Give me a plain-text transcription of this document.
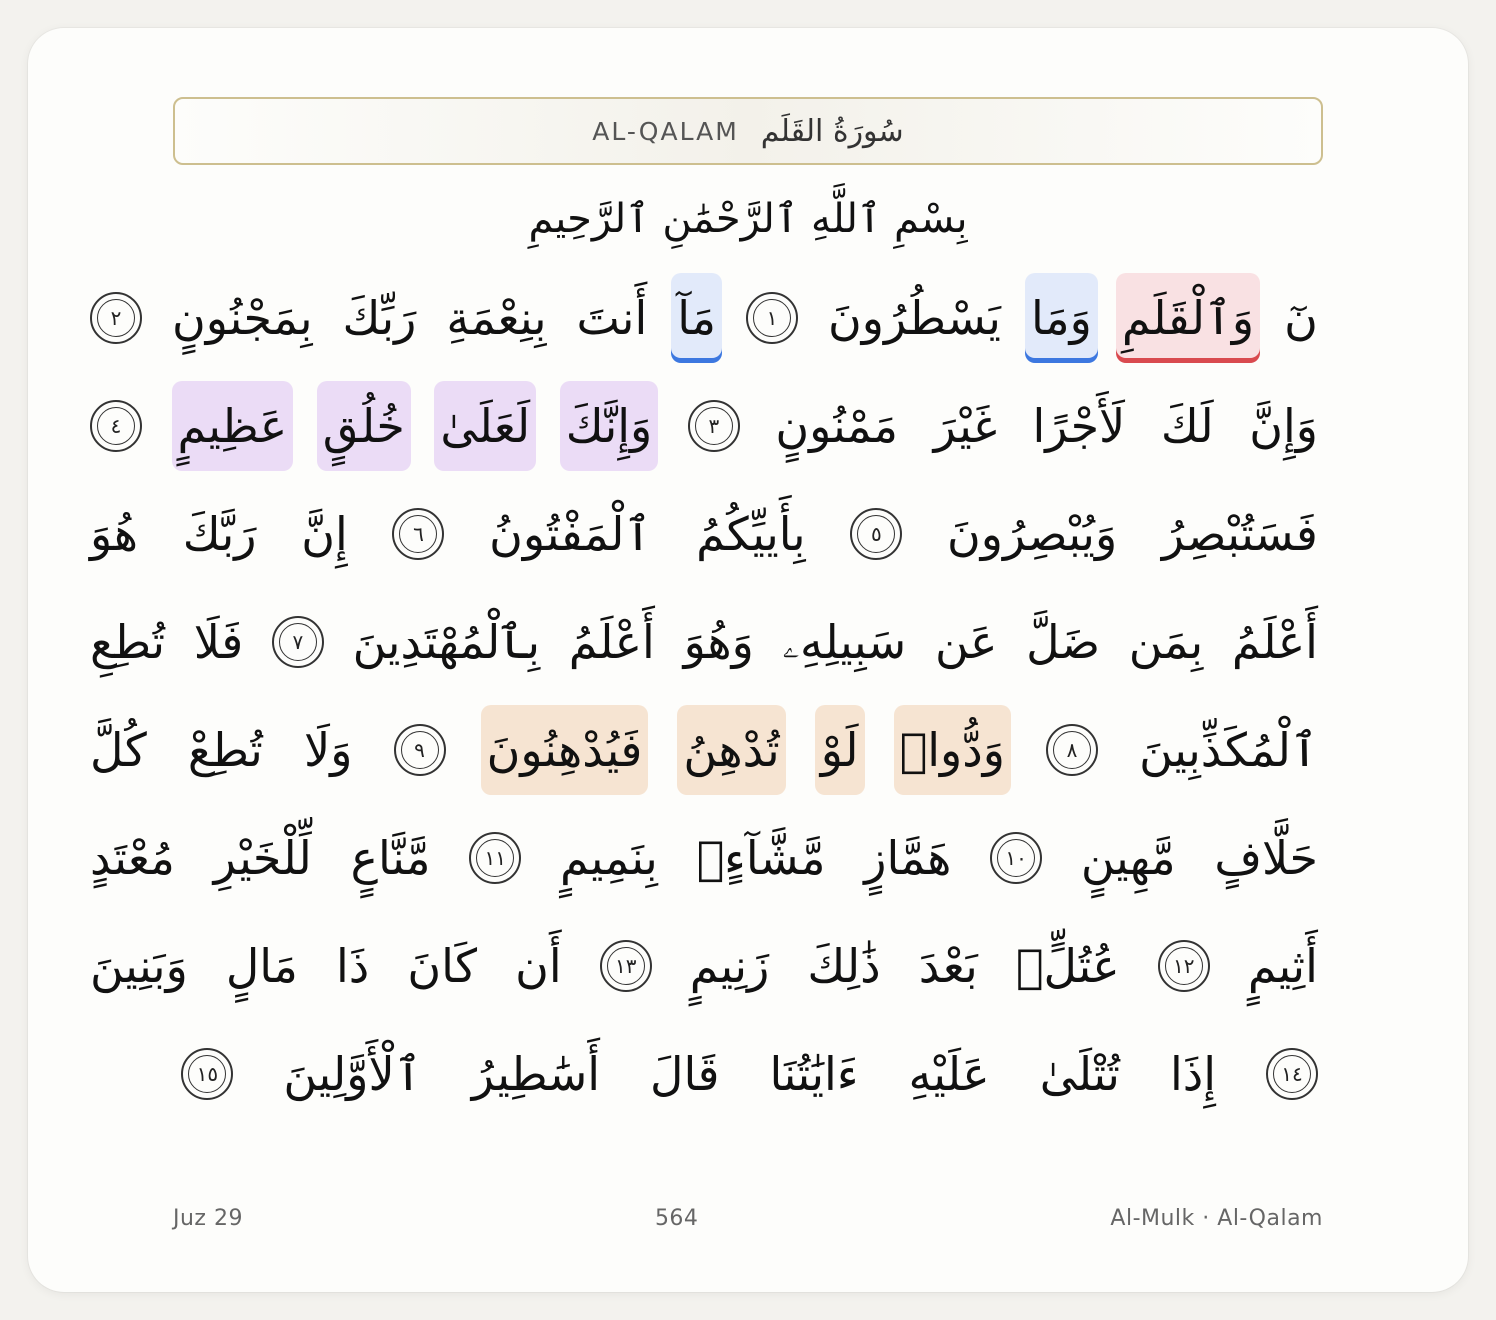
AL-QALAM سُورَةُ القَلَم
بِسْمِ ٱللَّهِ ٱلرَّحْمَٰنِ ٱلرَّحِيمِ
نٓ
وَٱلْقَلَمِ
وَمَا
يَسْطُرُونَ
١
مَآ
أَنتَ
بِنِعْمَةِ
رَبِّكَ
بِمَجْنُونٍ
٢
وَإِنَّ
لَكَ
لَأَجْرًا
غَيْرَ
مَمْنُونٍ
٣
وَإِنَّكَ
لَعَلَىٰ
خُلُقٍ
عَظِيمٍ
٤
فَسَتُبْصِرُ
وَيُبْصِرُونَ
٥
بِأَييِّكُمُ
ٱلْمَفْتُونُ
٦
إِنَّ
رَبَّكَ
هُوَ
أَعْلَمُ
بِمَن
ضَلَّ
عَن
سَبِيلِهِۦ
وَهُوَ
أَعْلَمُ
بِٱلْمُهْتَدِينَ
٧
فَلَا
تُطِعِ
ٱلْمُكَذِّبِينَ
٨
وَدُّوا۟
لَوْ
تُدْهِنُ
فَيُدْهِنُونَ
٩
وَلَا
تُطِعْ
كُلَّ
حَلَّافٍ
مَّهِينٍ
١٠
هَمَّازٍ
مَّشَّآءٍۭ
بِنَمِيمٍ
١١
مَّنَّاعٍ
لِّلْخَيْرِ
مُعْتَدٍ
أَثِيمٍ
١٢
عُتُلٍّۭ
بَعْدَ
ذَٰلِكَ
زَنِيمٍ
١٣
أَن
كَانَ
ذَا
مَالٍ
وَبَنِينَ
١٤
إِذَا
تُتْلَىٰ
عَلَيْهِ
ءَايَٰتُنَا
قَالَ
أَسَٰطِيرُ
ٱلْأَوَّلِينَ
١٥
Juz 29	564	Al-Mulk · Al-Qalam
